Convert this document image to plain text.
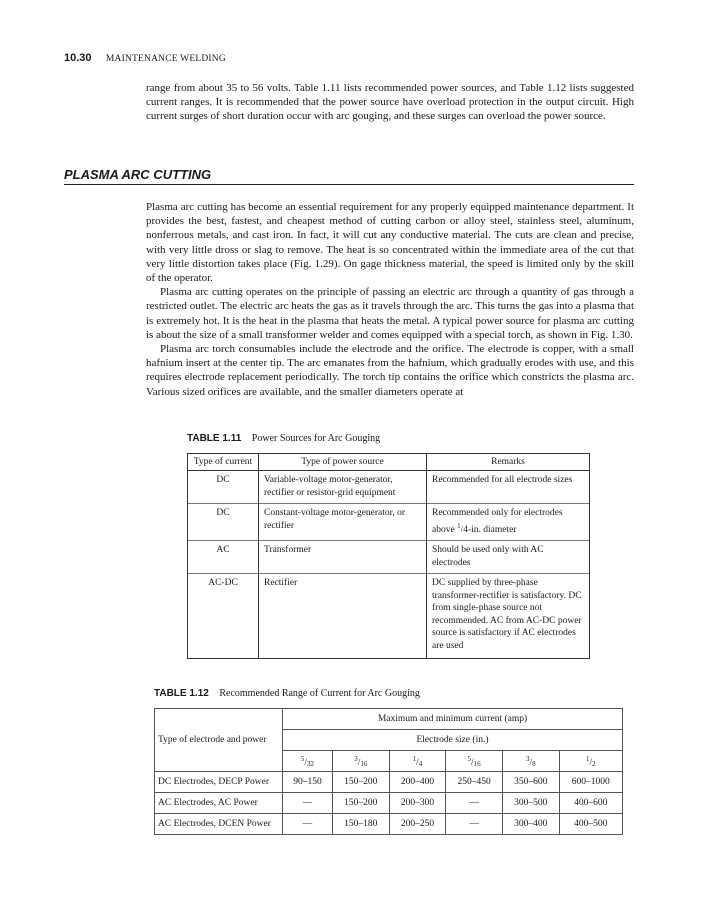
10.30 MAINTENANCE WELDING

range from about 35 to 56 volts. Table 1.11 lists recommended power sources, and Table 1.12 lists suggested current ranges. It is recommended that the power source have overload protection in the output circuit. High current surges of short duration occur with arc gouging, and these surges can overload the power source.

PLASMA ARC CUTTING

Plasma arc cutting has become an essential requirement for any properly equipped maintenance department. It provides the best, fastest, and cheapest method of cutting carbon or alloy steel, stainless steel, aluminum, nonferrous metals, and cast iron. In fact, it will cut any conductive material. The cuts are clean and precise, with very little dross or slag to remove. The heat is so concentrated within the immediate area of the cut that very little distortion takes place (Fig. 1.29). On gage thickness material, the speed is limited only by the skill of the operator.

Plasma arc cutting operates on the principle of passing an electric arc through a quantity of gas through a restricted outlet. The electric arc heats the gas as it travels through the arc. This turns the gas into a plasma that is extremely hot. It is the heat in the plasma that heats the metal. A typical power source for plasma arc cutting is about the size of a small transformer welder and comes equipped with a special torch, as shown in Fig. 1.30.

Plasma arc torch consumables include the electrode and the orifice. The electrode is copper, with a small hafnium insert at the center tip. The arc emanates from the hafnium, which gradually erodes with use, and this requires electrode replacement periodically. The torch tip contains the orifice which constricts the plasma arc. Various sized orifices are available, and the smaller diameters operate at

TABLE 1.11 Power Sources for Arc Gouging
Type of current	Type of power source	Remarks
DC	Variable-voltage motor-generator, rectifier or resistor-grid equipment	Recommended for all electrode sizes
DC	Constant-voltage motor-generator, or rectifier	Recommended only for electrodes above $^1$/4-in. diameter
AC	Transformer	Should be used only with AC electrodes
AC-DC	Rectifier	DC supplied by three-phase transformer-rectifier is satisfactory. DC from single-phase source not recommended. AC from AC-DC power source is satisfactory if AC electrodes are used
TABLE 1.12 Recommended Range of Current for Arc Gouging
Type of electrode and power	Maximum and minimum current (amp)					
	Electrode size (in.)					
	$^5/_{32}$	$^3/_{16}$	$^1/_4$	$^5/_{16}$	$^3/_8$	$^1/_2$
DC Electrodes, DECP Power	90–150	150–200	200–400	250–450	350–600	600–1000
AC Electrodes, AC Power	—	150–200	200–300	—	300–500	400–600
AC Electrodes, DCEN Power	—	150–180	200–250	—	300–400	400–500
